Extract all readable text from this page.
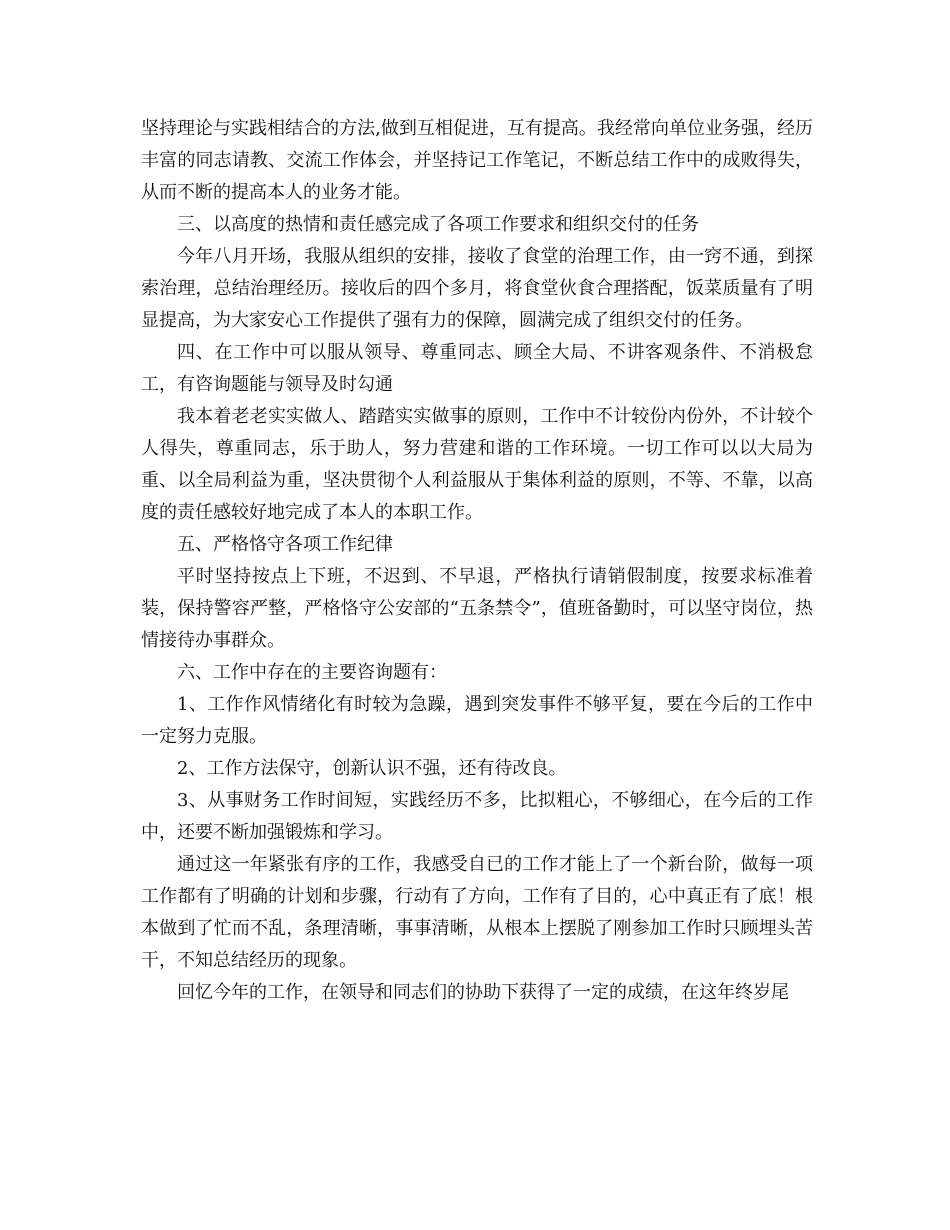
坚持理论与实践相结合的方法,做到互相促进，互有提高。我经常向单位业务强，经历丰富的同志请教、交流工作体会，并坚持记工作笔记，不断总结工作中的成败得失，从而不断的提高本人的业务才能。

三、以高度的热情和责任感完成了各项工作要求和组织交付的任务

今年八月开场，我服从组织的安排，接收了食堂的治理工作，由一窍不通，到探索治理，总结治理经历。接收后的四个多月，将食堂伙食合理搭配，饭菜质量有了明显提高，为大家安心工作提供了强有力的保障，圆满完成了组织交付的任务。

四、在工作中可以服从领导、尊重同志、顾全大局、不讲客观条件、不消极怠工，有咨询题能与领导及时勾通

我本着老老实实做人、踏踏实实做事的原则，工作中不计较份内份外，不计较个人得失，尊重同志，乐于助人，努力营建和谐的工作环境。一切工作可以以大局为重、以全局利益为重，坚决贯彻个人利益服从于集体利益的原则，不等、不靠，以高度的责任感较好地完成了本人的本职工作。

五、严格恪守各项工作纪律

平时坚持按点上下班，不迟到、不早退，严格执行请销假制度，按要求标准着装，保持警容严整，严格恪守公安部的“五条禁令”，值班备勤时，可以坚守岗位，热情接待办事群众。

六、工作中存在的主要咨询题有：

1、工作作风情绪化有时较为急躁，遇到突发事件不够平复，要在今后的工作中一定努力克服。

2、工作方法保守，创新认识不强，还有待改良。

3、从事财务工作时间短，实践经历不多，比拟粗心，不够细心，在今后的工作中，还要不断加强锻炼和学习。

通过这一年紧张有序的工作，我感受自已的工作才能上了一个新台阶，做每一项工作都有了明确的计划和步骤，行动有了方向，工作有了目的，心中真正有了底！根本做到了忙而不乱，条理清晰，事事清晰，从根本上摆脱了刚参加工作时只顾埋头苦干，不知总结经历的现象。

回忆今年的工作，在领导和同志们的协助下获得了一定的成绩，在这年终岁尾
